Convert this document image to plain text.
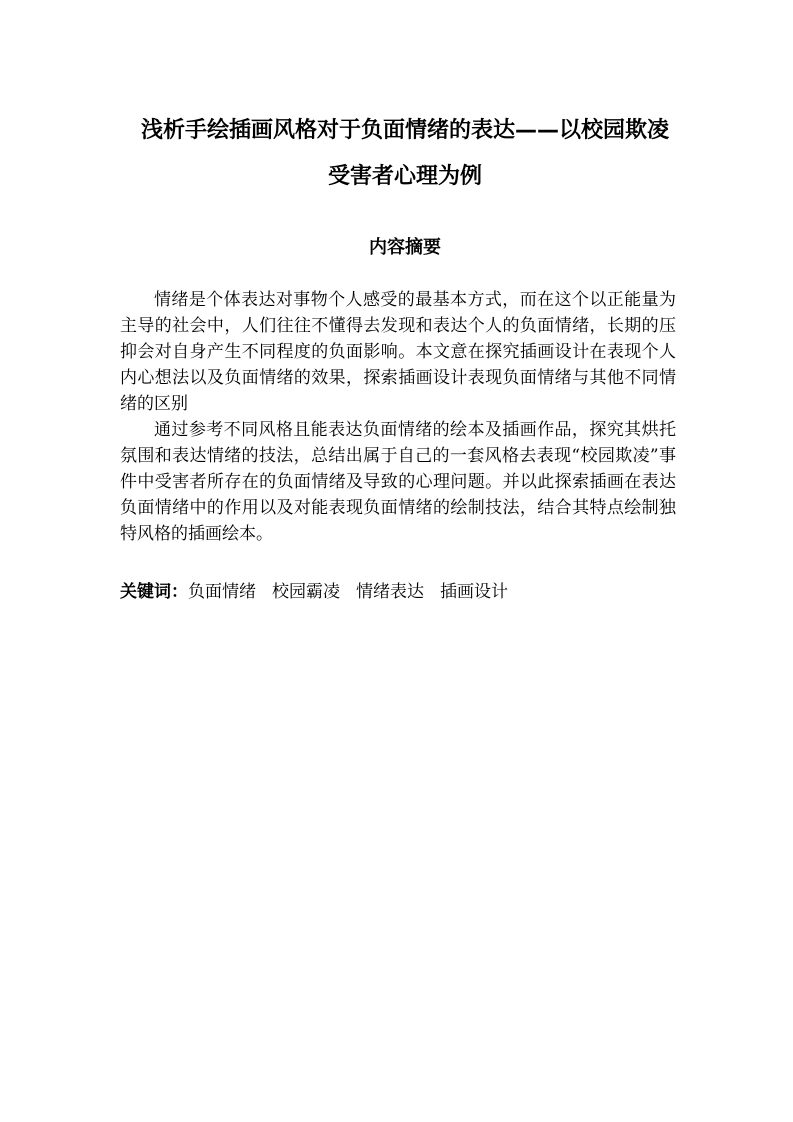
浅析手绘插画风格对于负面情绪的表达——以校园欺凌
受害者心理为例
内容摘要

情绪是个体表达对事物个人感受的最基本方式，而在这个以正能量为主导的社会中，人们往往不懂得去发现和表达个人的负面情绪，长期的压抑会对自身产生不同程度的负面影响。本文意在探究插画设计在表现个人内心想法以及负面情绪的效果，探索插画设计表现负面情绪与其他不同情绪的区别

通过参考不同风格且能表达负面情绪的绘本及插画作品，探究其烘托氛围和表达情绪的技法，总结出属于自己的一套风格去表现“校园欺凌”事件中受害者所存在的负面情绪及导致的心理问题。并以此探索插画在表达负面情绪中的作用以及对能表现负面情绪的绘制技法，结合其特点绘制独特风格的插画绘本。

关键词：负面情绪 校园霸凌 情绪表达 插画设计
